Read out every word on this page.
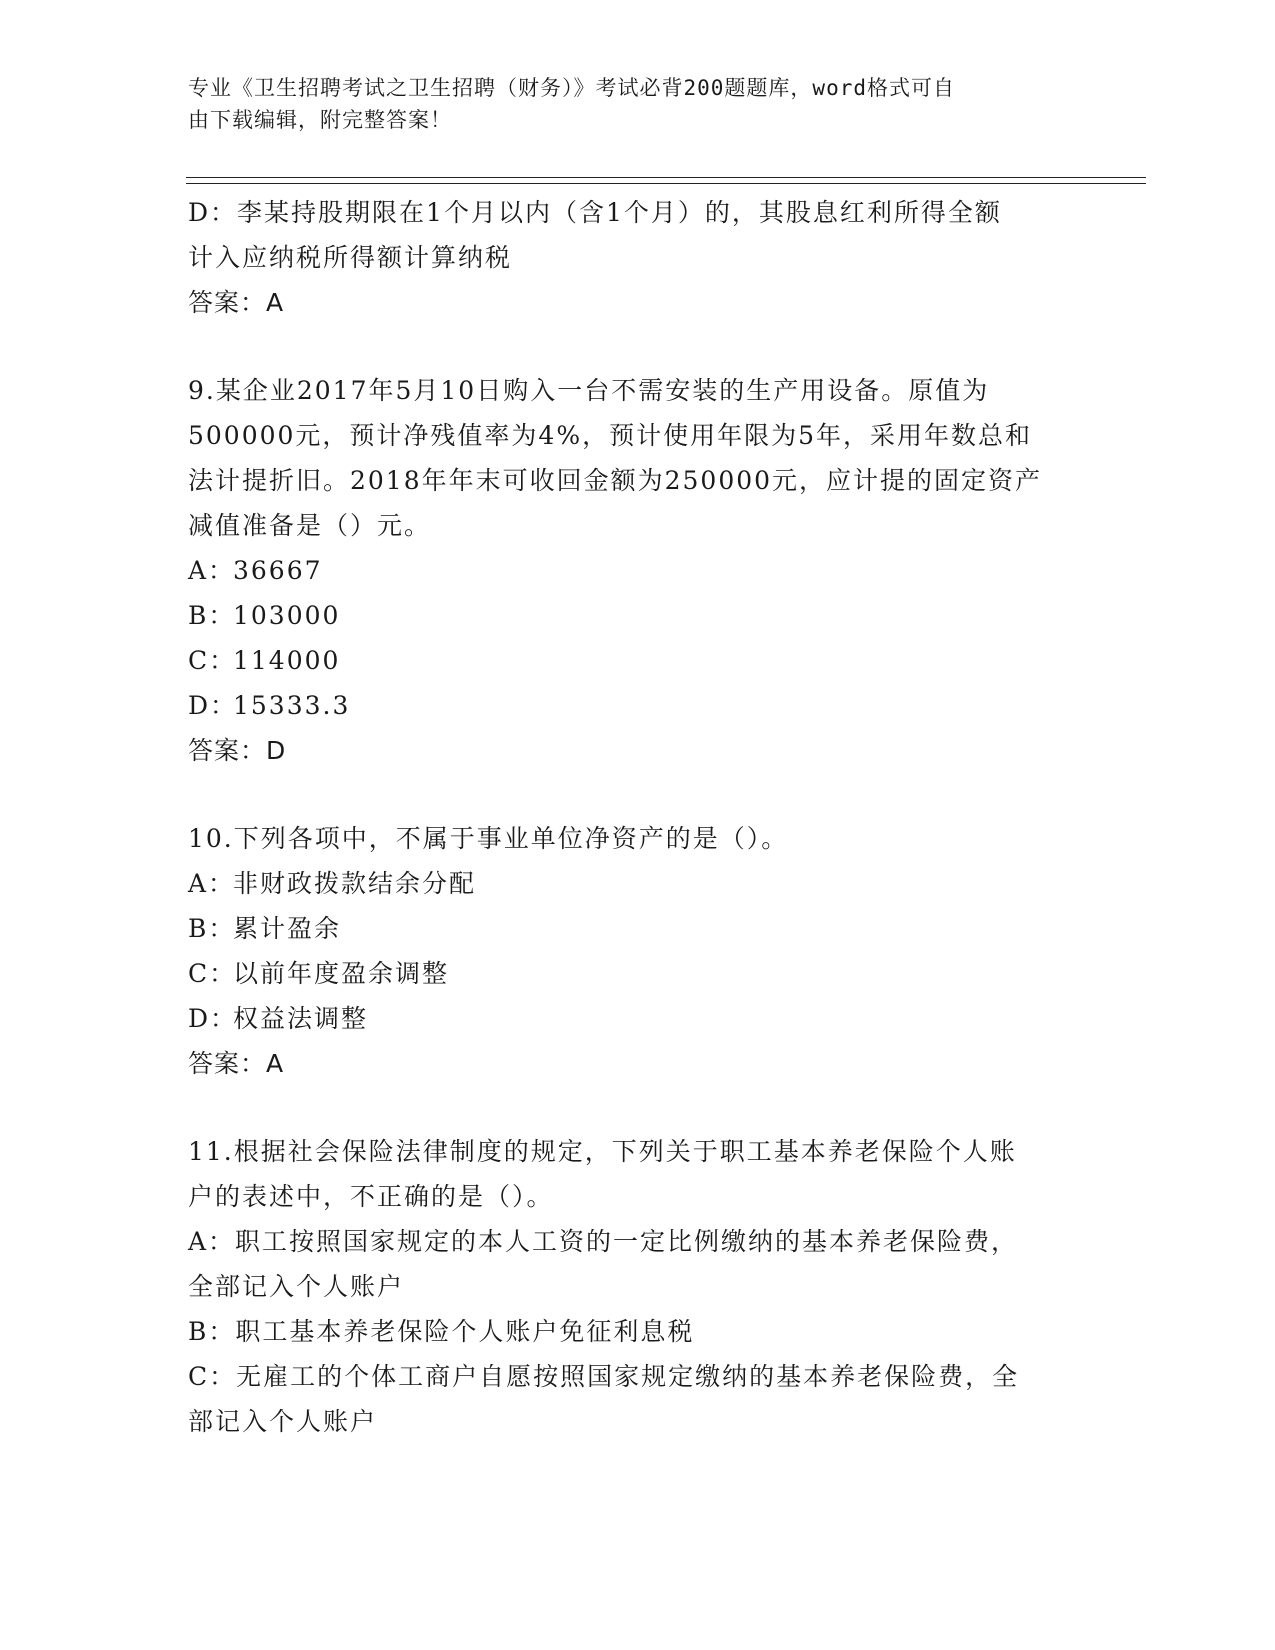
专业《卫生招聘考试之卫生招聘（财务）》考试必背200题题库，word格式可自
由下载编辑，附完整答案！

D：李某持股期限在1个月以内（含1个月）的，其股息红利所得全额

计入应纳税所得额计算纳税

答案：A

9.某企业2017年5月10日购入一台不需安装的生产用设备。原值为

500000元，预计净残值率为4%，预计使用年限为5年，采用年数总和

法计提折旧。2018年年末可收回金额为250000元，应计提的固定资产

减值准备是（）元。

A：36667

B：103000

C：114000

D：15333.3

答案：D

10.下列各项中，不属于事业单位净资产的是（）。

A：非财政拨款结余分配

B：累计盈余

C：以前年度盈余调整

D：权益法调整

答案：A

11.根据社会保险法律制度的规定，下列关于职工基本养老保险个人账

户的表述中，不正确的是（）。

A：职工按照国家规定的本人工资的一定比例缴纳的基本养老保险费，

全部记入个人账户

B：职工基本养老保险个人账户免征利息税

C：无雇工的个体工商户自愿按照国家规定缴纳的基本养老保险费，全

部记入个人账户
